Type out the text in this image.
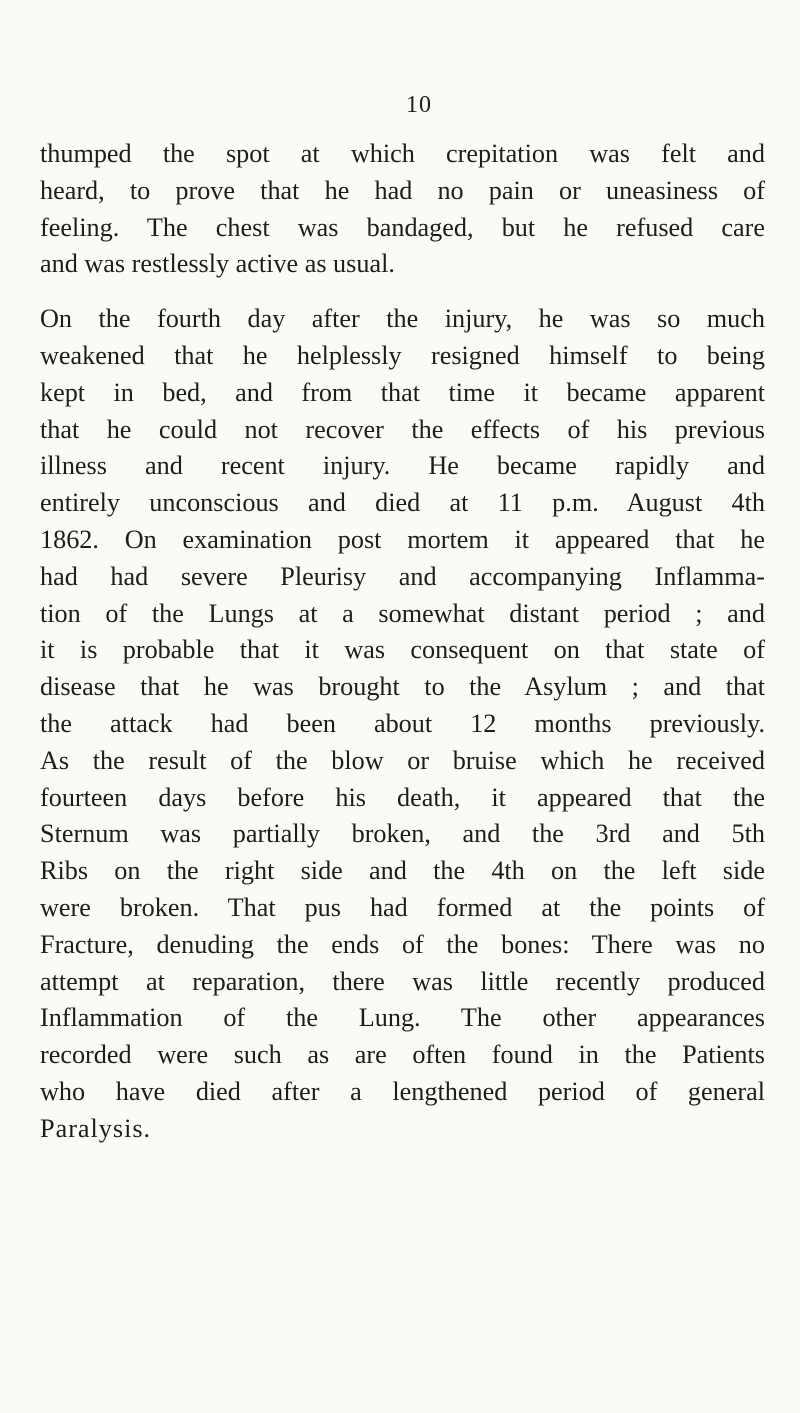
10
thumped the spot at which crepitation was felt and
heard, to prove that he had no pain or uneasiness of
feeling. The chest was bandaged, but he refused care
and was restlessly active as usual.
On the fourth day after the injury, he was so much
weakened that he helplessly resigned himself to being
kept in bed, and from that time it became apparent
that he could not recover the effects of his previous
illness and recent injury. He became rapidly and
entirely unconscious and died at 11 p.m. August 4th
1862. On examination post mortem it appeared that he
had had severe Pleurisy and accompanying Inflamma-
tion of the Lungs at a somewhat distant period ; and
it is probable that it was consequent on that state of
disease that he was brought to the Asylum ; and that
the attack had been about 12 months previously.
As the result of the blow or bruise which he received
fourteen days before his death, it appeared that the
Sternum was partially broken, and the 3rd and 5th
Ribs on the right side and the 4th on the left side
were broken. That pus had formed at the points of
Fracture, denuding the ends of the bones: There was no
attempt at reparation, there was little recently produced
Inflammation of the Lung. The other appearances
recorded were such as are often found in the Patients
who have died after a lengthened period of general
Paralysis.
